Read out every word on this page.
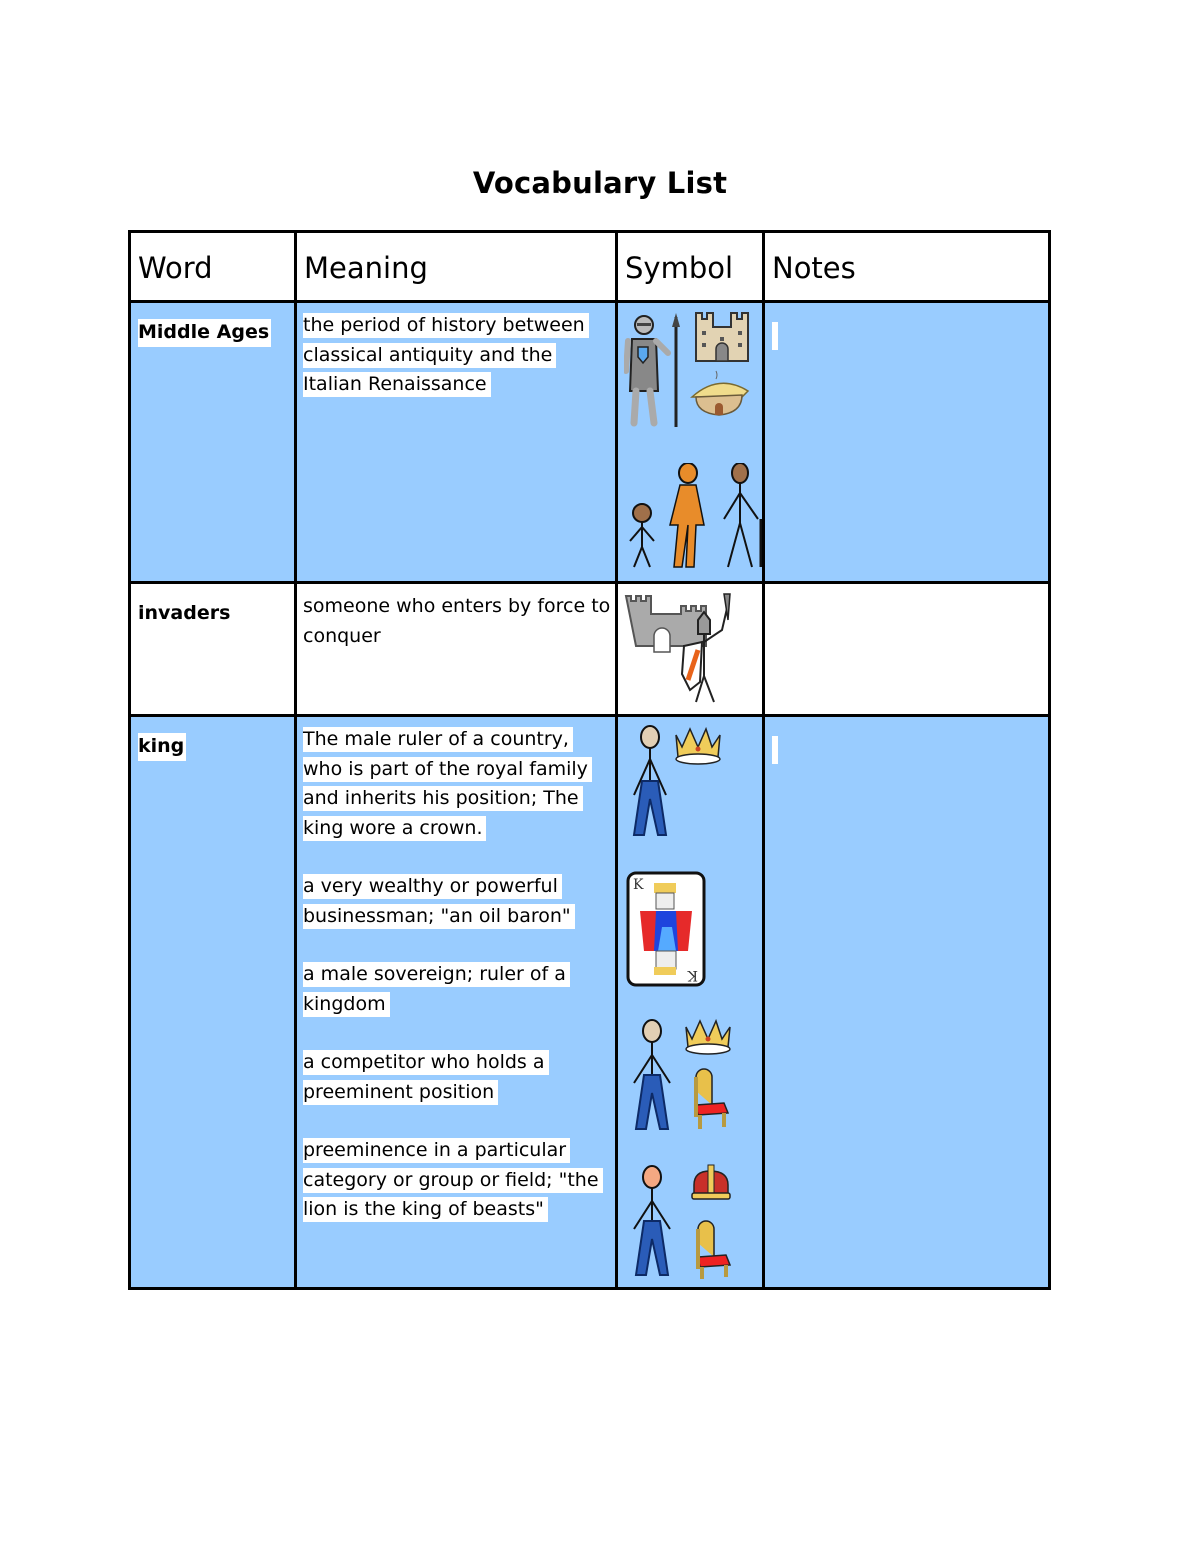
Vocabulary List
Word	Meaning	Symbol	Notes
Middle Ages	the period of history between classical antiquity and the Italian Renaissance

invaders	someone who enters by force to conquer

king	The male ruler of a country, who is part of the royal family and inherits his position; The king wore a crown.

a very wealthy or powerful businessman; "an oil baron"

a male sovereign; ruler of a kingdom

a competitor who holds a preeminent position

preeminence in a particular category or group or field; "the lion is the king of beasts"

K
K
